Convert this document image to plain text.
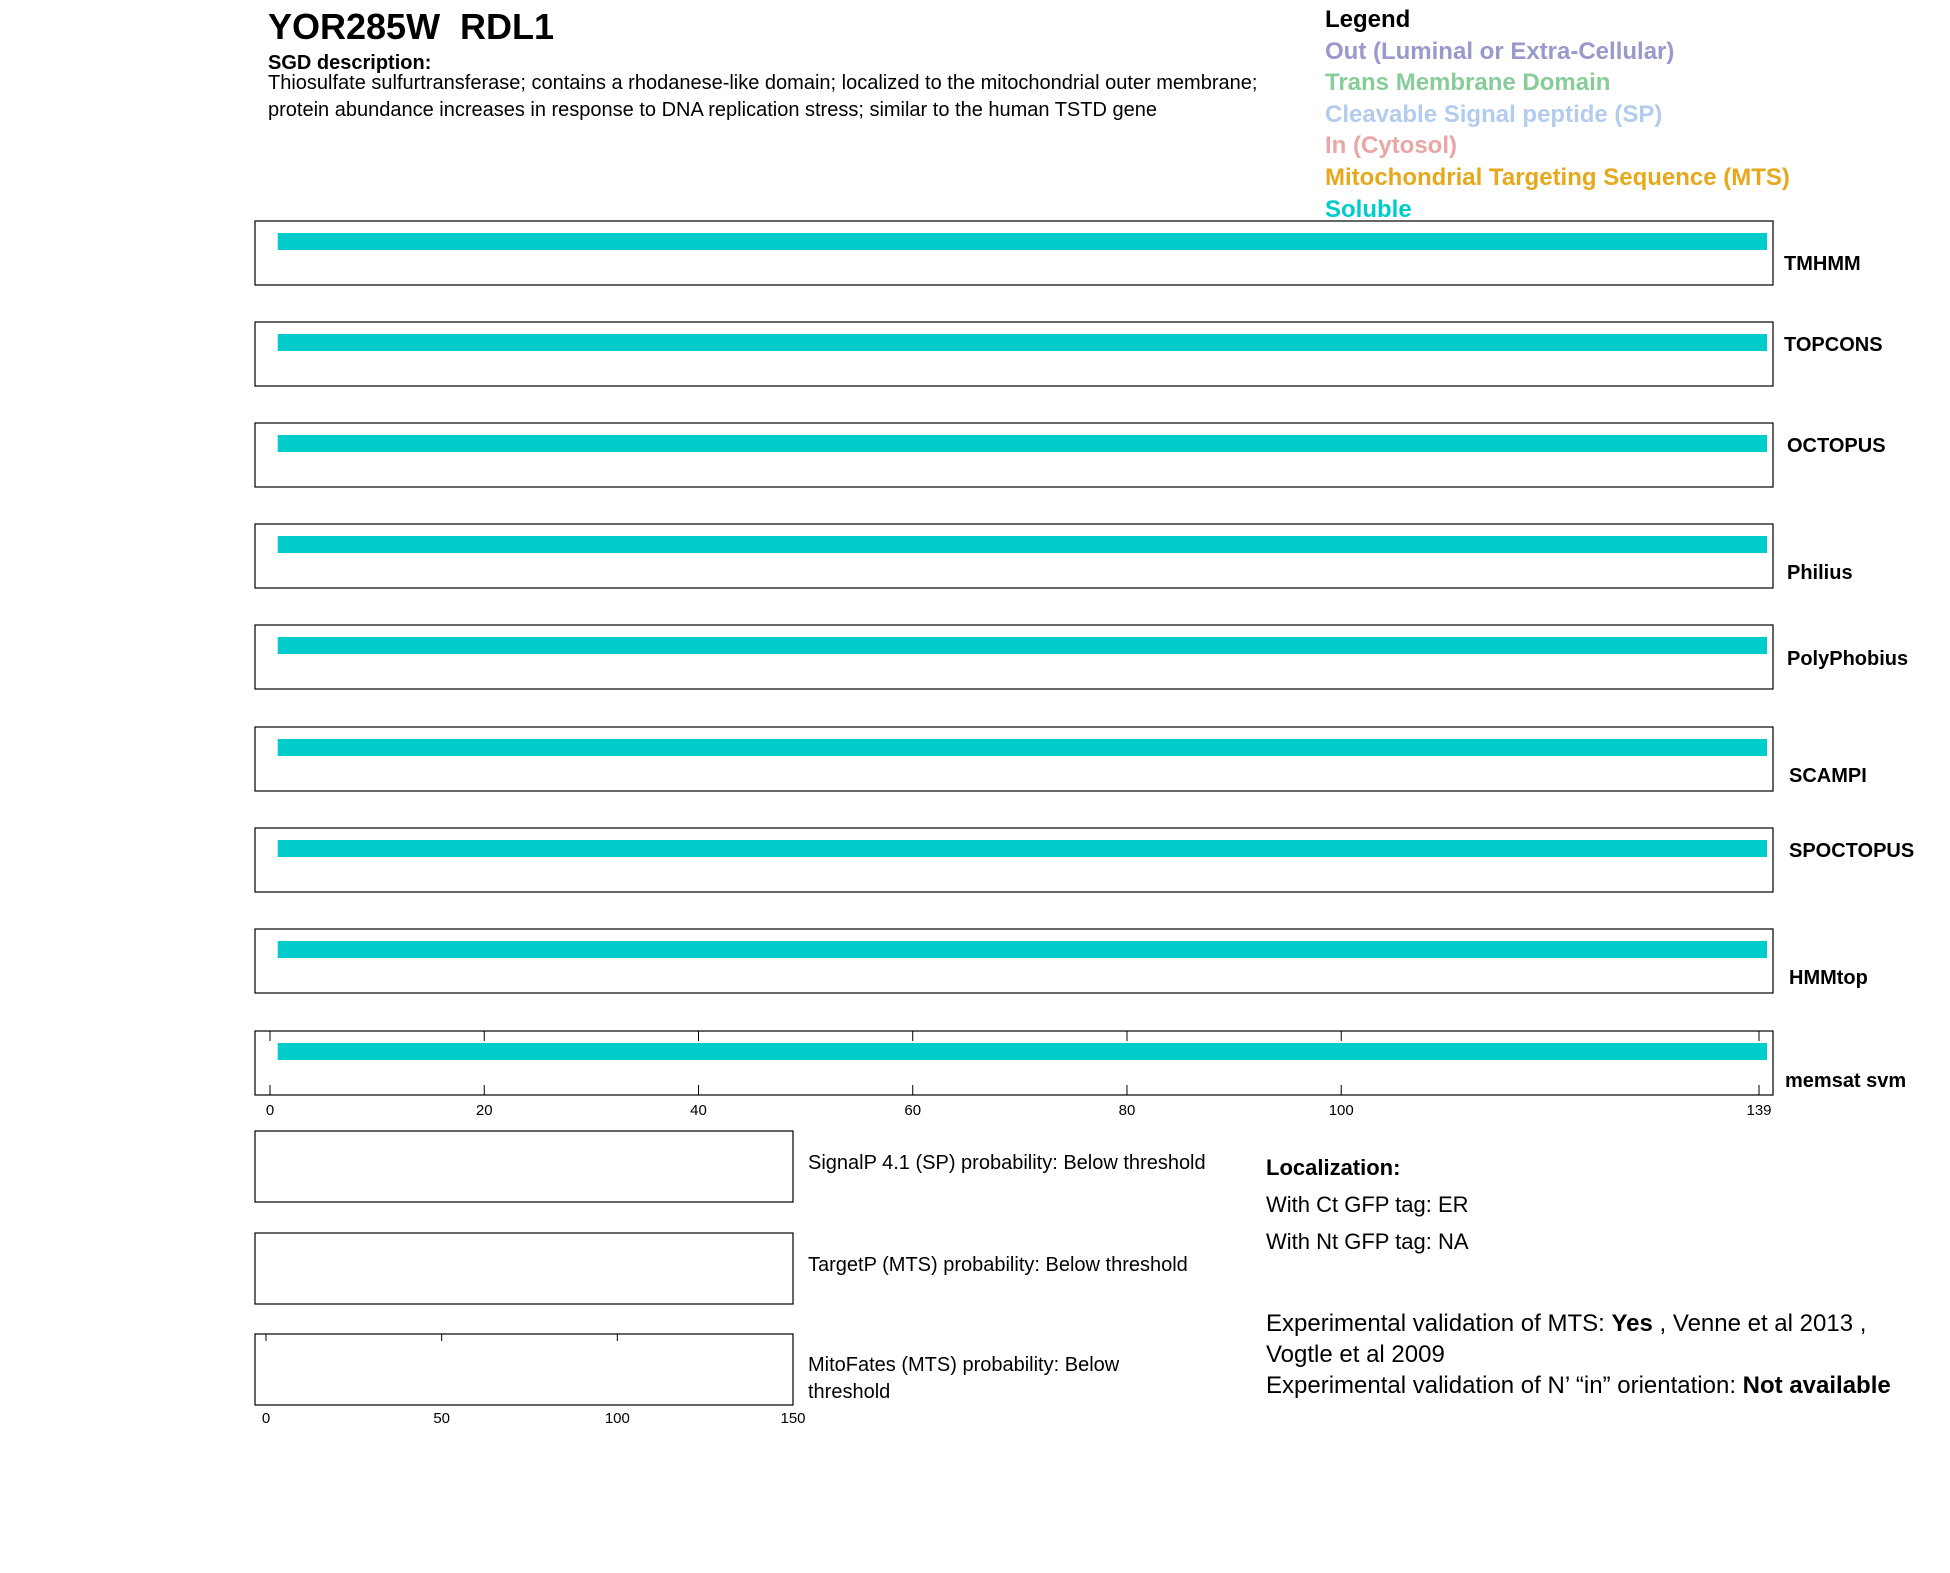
YOR285W  RDL1
SGD description:
Thiosulfate sulfurtransferase; contains a rhodanese-like domain; localized to the mitochondrial outer membrane; protein abundance increases in response to DNA replication stress; similar to the human TSTD gene
Legend
Out (Luminal or Extra-Cellular)
Trans Membrane Domain
Cleavable Signal peptide (SP)
In (Cytosol)
Mitochondrial Targeting Sequence (MTS)
Soluble
TMHMM
TOPCONS
OCTOPUS
Philius
PolyPhobius
SCAMPI
SPOCTOPUS
HMMtop
memsat svm
0	20	40	60	80	100	139
0	50	100	150
SignalP 4.1 (SP) probability: Below threshold
TargetP (MTS) probability: Below threshold
MitoFates (MTS) probability: Below threshold
Localization:
With Ct GFP tag: ER
With Nt GFP tag: NA
Experimental validation of MTS: Yes , Venne et al 2013 , Vogtle et al 2009
Experimental validation of N’ “in” orientation: Not available
